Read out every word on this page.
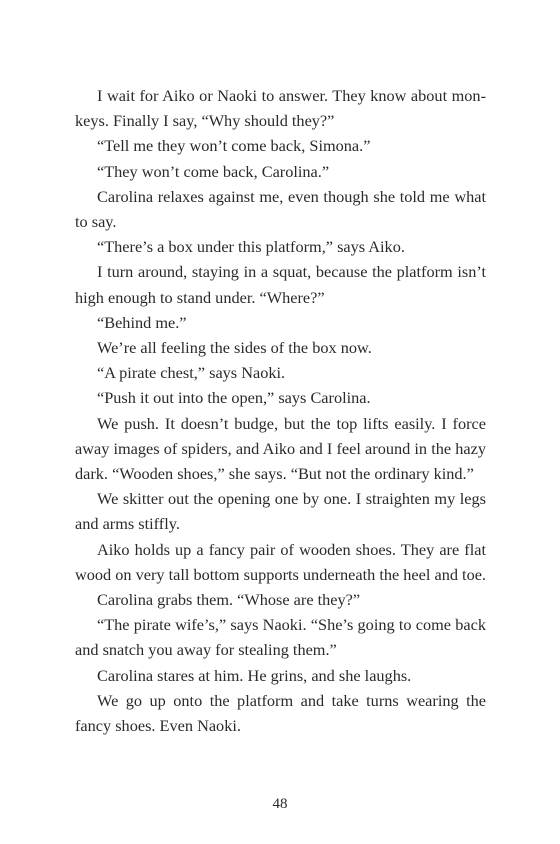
I wait for Aiko or Naoki to answer. They know about monkeys. Finally I say, “Why should they?”

“Tell me they won’t come back, Simona.”

“They won’t come back, Carolina.”

Carolina relaxes against me, even though she told me what to say.

“There’s a box under this platform,” says Aiko.

I turn around, staying in a squat, because the platform isn’t high enough to stand under. “Where?”

“Behind me.”

We’re all feeling the sides of the box now.

“A pirate chest,” says Naoki.

“Push it out into the open,” says Carolina.

We push. It doesn’t budge, but the top lifts easily. I force away images of spiders, and Aiko and I feel around in the hazy dark. “Wooden shoes,” she says. “But not the ordinary kind.”

We skitter out the opening one by one. I straighten my legs and arms stiffly.

Aiko holds up a fancy pair of wooden shoes. They are flat wood on very tall bottom supports underneath the heel and toe.

Carolina grabs them. “Whose are they?”

“The pirate wife’s,” says Naoki. “She’s going to come back and snatch you away for stealing them.”

Carolina stares at him. He grins, and she laughs.

We go up onto the platform and take turns wearing the fancy shoes. Even Naoki.

48
